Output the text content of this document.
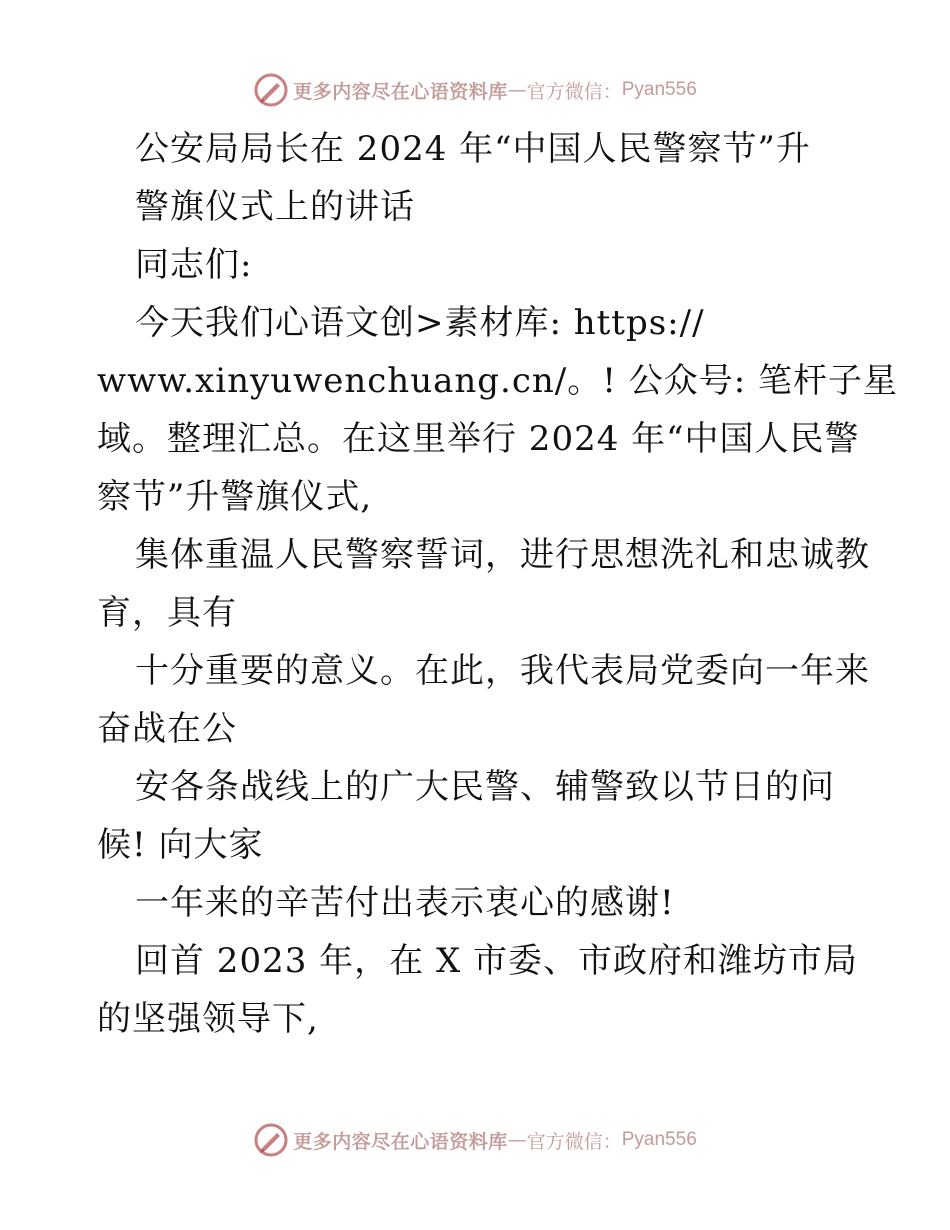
更多内容尽在心语资料库 — 官方微信： Pyan556
公安局局长在 2024 年“中国人民警察节”升
警旗仪式上的讲话
同志们:
今天我们心语文创>素材库: https://
www.xinyuwenchuang.cn/。! 公众号: 笔杆子星
域。整理汇总。在这里举行 2024 年“中国人民警
察节”升警旗仪式,
集体重温人民警察誓词，进行思想洗礼和忠诚教
育，具有
十分重要的意义。在此，我代表局党委向一年来
奋战在公
安各条战线上的广大民警、辅警致以节日的问
候! 向大家
一年来的辛苦付出表示衷心的感谢!
回首 2023 年，在 X 市委、市政府和潍坊市局
的坚强领导下,
更多内容尽在心语资料库 — 官方微信： Pyan556
